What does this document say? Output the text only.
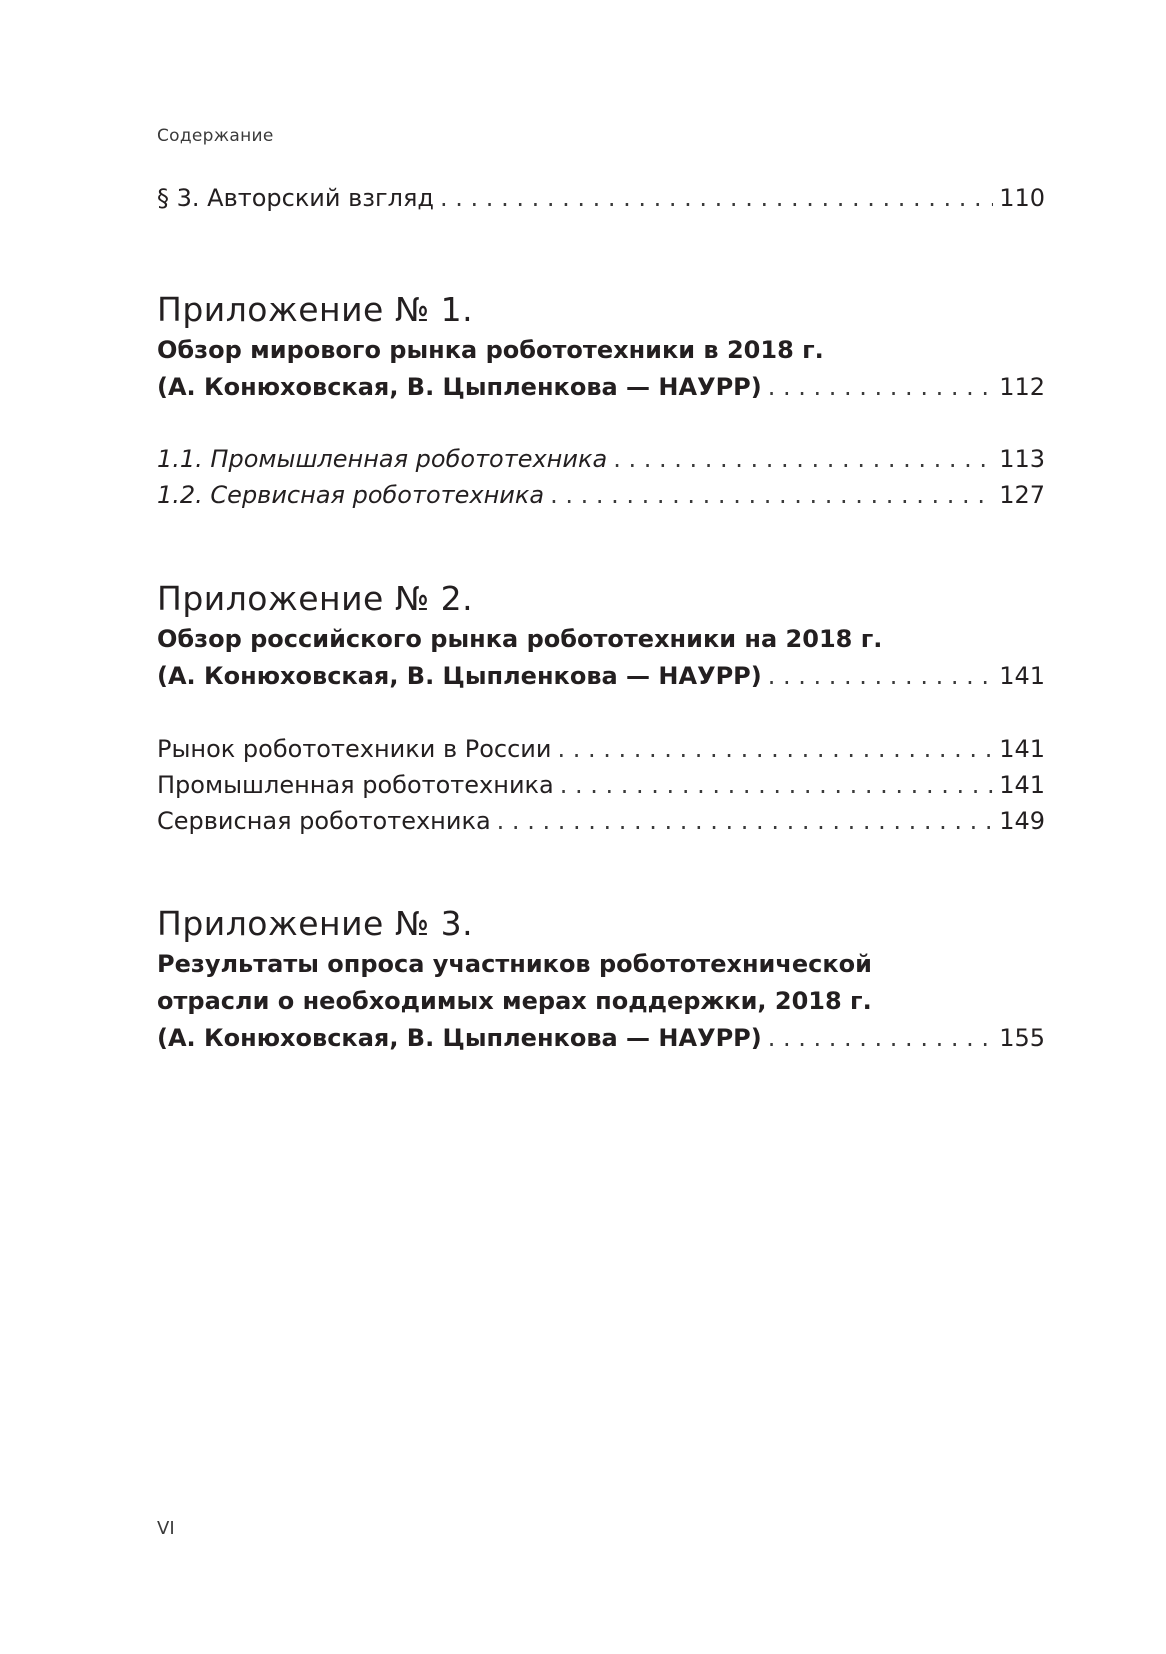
Содержание
§ 3. Авторский взгляд . . .	110
Приложение № 1.
Обзор мирового рынка робототехники в 2018 г.
(А. Конюховская, В. Цыпленкова — НАУРР) . . .	112
1.1. Промышленная робототехника . . .	113
1.2. Сервисная робототехника . . .	127
Приложение № 2.
Обзор российского рынка робототехники на 2018 г.
(А. Конюховская, В. Цыпленкова — НАУРР) . . .	141
Рынок робототехники в России . . .	141
Промышленная робототехника . . .	141
Сервисная робототехника . . .	149
Приложение № 3.
Результаты опроса участников робототехнической
отрасли о необходимых мерах поддержки, 2018 г.
(А. Конюховская, В. Цыпленкова — НАУРР) . . .	155
VI
